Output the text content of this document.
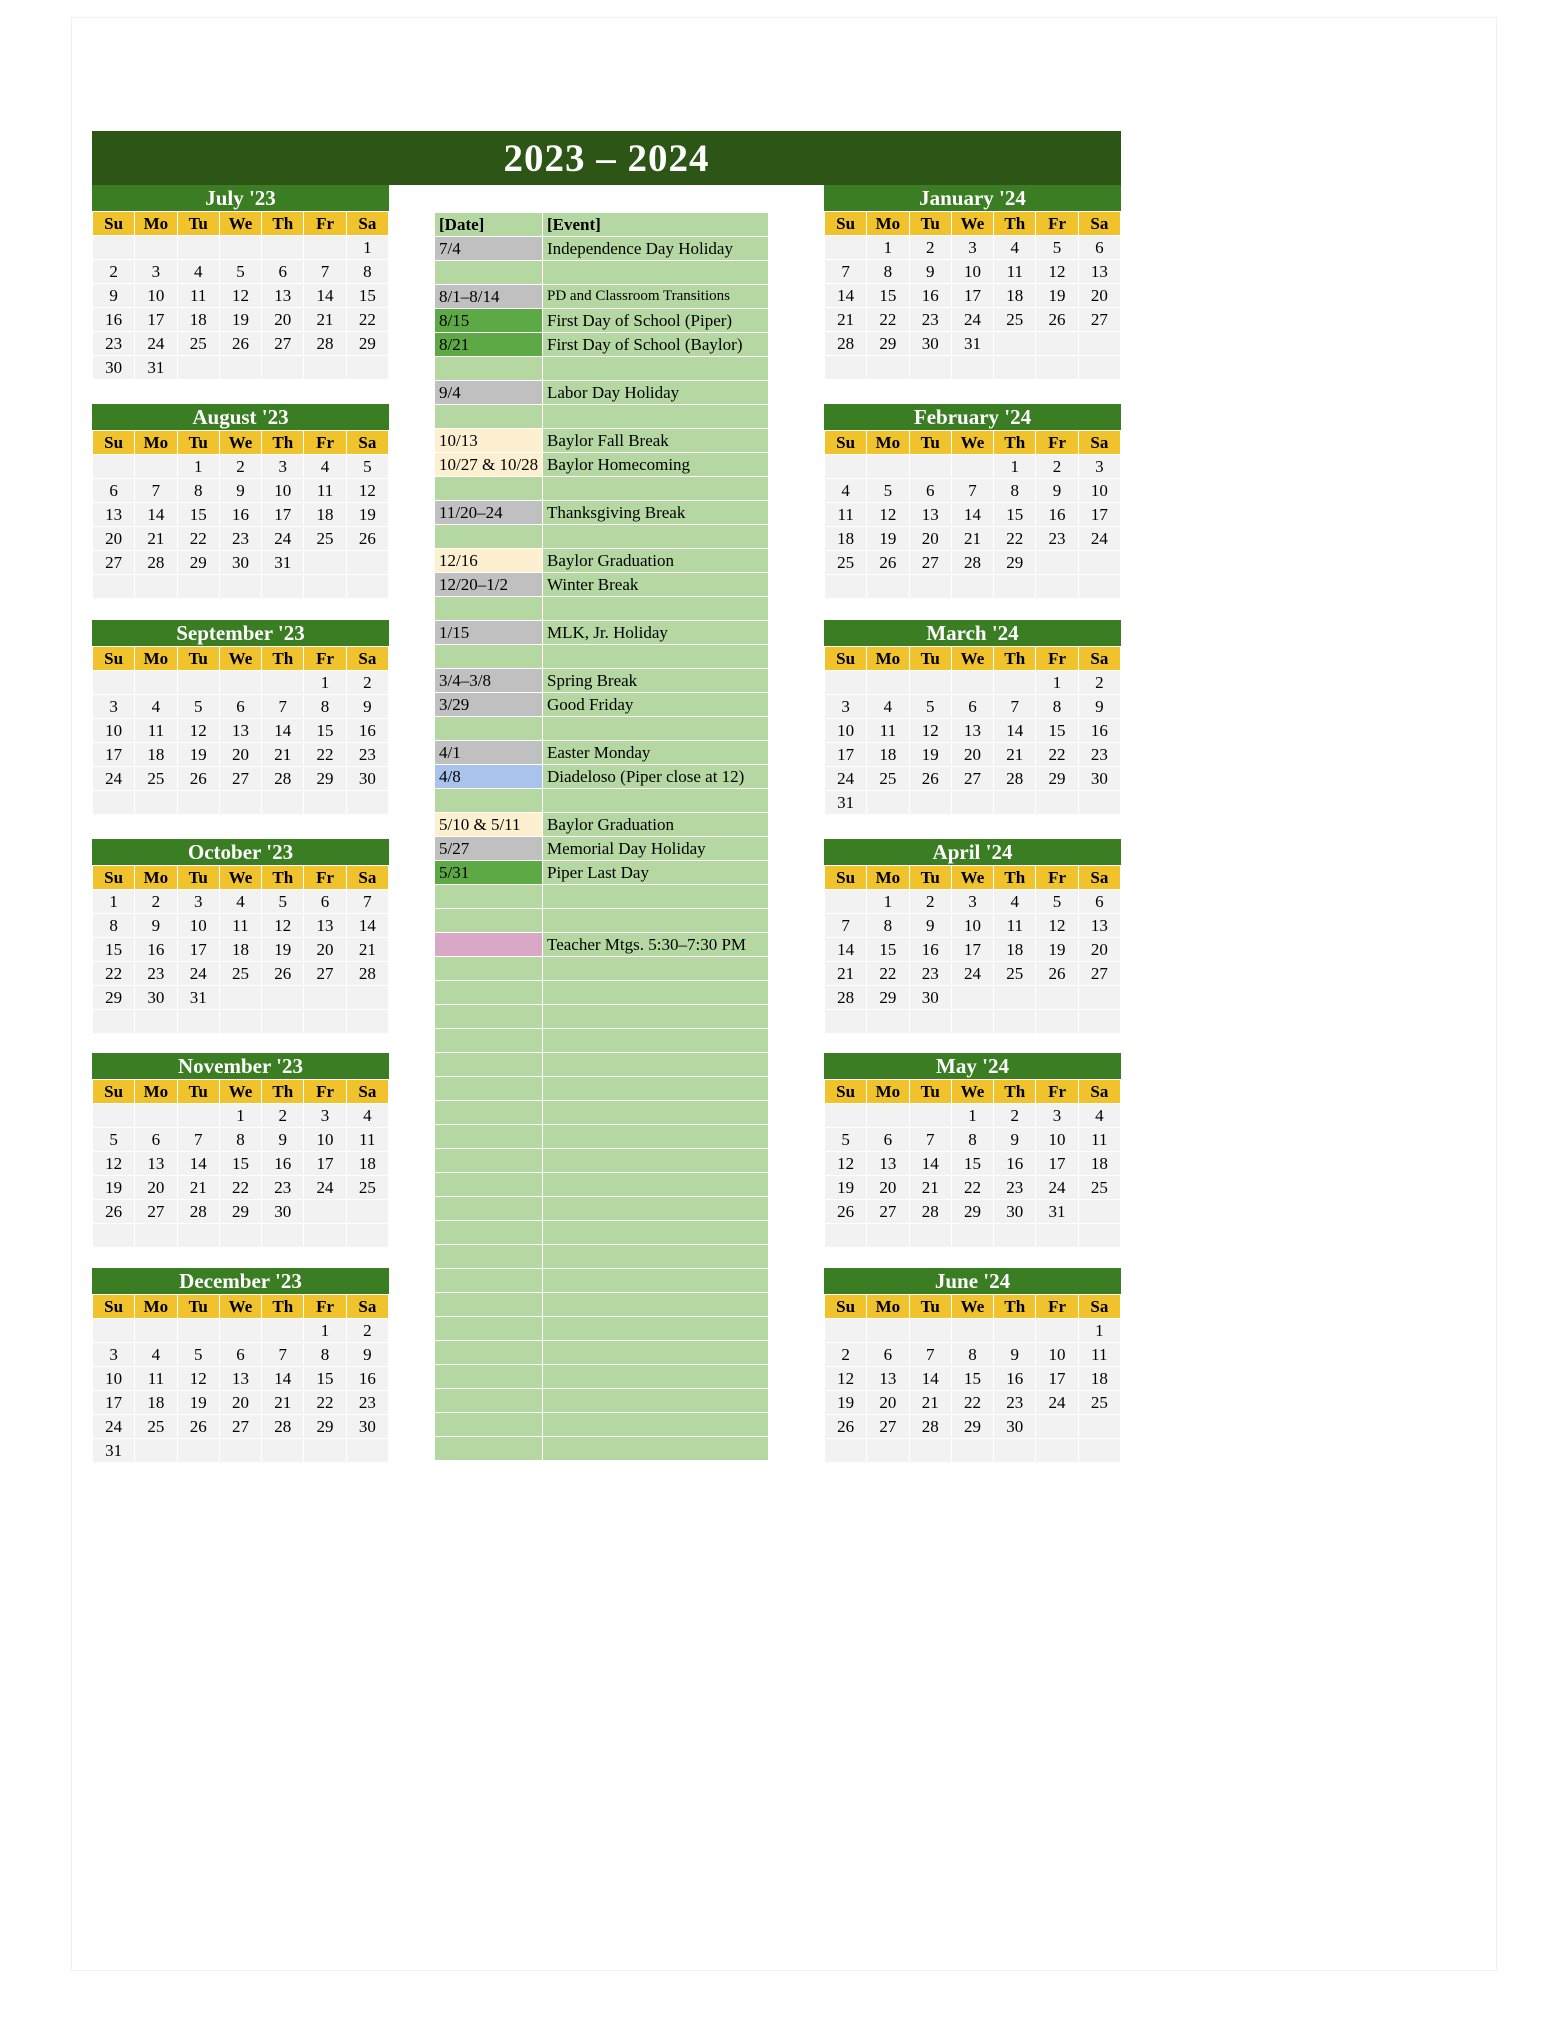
2023 – 2024
July '23
Su	Mo	Tu	We	Th	Fr	Sa
						1
2	3	4	5	6	7	8
9	10	11	12	13	14	15
16	17	18	19	20	21	22
23	24	25	26	27	28	29
30	31					
August '23
Su	Mo	Tu	We	Th	Fr	Sa
		1	2	3	4	5
6	7	8	9	10	11	12
13	14	15	16	17	18	19
20	21	22	23	24	25	26
27	28	29	30	31		

September '23
Su	Mo	Tu	We	Th	Fr	Sa
					1	2
3	4	5	6	7	8	9
10	11	12	13	14	15	16
17	18	19	20	21	22	23
24	25	26	27	28	29	30

October '23
Su	Mo	Tu	We	Th	Fr	Sa
1	2	3	4	5	6	7
8	9	10	11	12	13	14
15	16	17	18	19	20	21
22	23	24	25	26	27	28
29	30	31				

November '23
Su	Mo	Tu	We	Th	Fr	Sa
			1	2	3	4
5	6	7	8	9	10	11
12	13	14	15	16	17	18
19	20	21	22	23	24	25
26	27	28	29	30		

December '23
Su	Mo	Tu	We	Th	Fr	Sa
					1	2
3	4	5	6	7	8	9
10	11	12	13	14	15	16
17	18	19	20	21	22	23
24	25	26	27	28	29	30
31						
January '24
Su	Mo	Tu	We	Th	Fr	Sa
	1	2	3	4	5	6
7	8	9	10	11	12	13
14	15	16	17	18	19	20
21	22	23	24	25	26	27
28	29	30	31			

February '24
Su	Mo	Tu	We	Th	Fr	Sa
				1	2	3
4	5	6	7	8	9	10
11	12	13	14	15	16	17
18	19	20	21	22	23	24
25	26	27	28	29		

March '24
Su	Mo	Tu	We	Th	Fr	Sa
					1	2
3	4	5	6	7	8	9
10	11	12	13	14	15	16
17	18	19	20	21	22	23
24	25	26	27	28	29	30
31						
April '24
Su	Mo	Tu	We	Th	Fr	Sa
	1	2	3	4	5	6
7	8	9	10	11	12	13
14	15	16	17	18	19	20
21	22	23	24	25	26	27
28	29	30				

May '24
Su	Mo	Tu	We	Th	Fr	Sa
			1	2	3	4
5	6	7	8	9	10	11
12	13	14	15	16	17	18
19	20	21	22	23	24	25
26	27	28	29	30	31	

June '24
Su	Mo	Tu	We	Th	Fr	Sa
						1
2	6	7	8	9	10	11
12	13	14	15	16	17	18
19	20	21	22	23	24	25
26	27	28	29	30		

[Date]	[Event]
7/4	Independence Day Holiday

8/1–8/14	PD and Classroom Transitions
8/15	First Day of School (Piper)
8/21	First Day of School (Baylor)

9/4	Labor Day Holiday

10/13	Baylor Fall Break
10/27 & 10/28	Baylor Homecoming

11/20–24	Thanksgiving Break

12/16	Baylor Graduation
12/20–1/2	Winter Break

1/15	MLK, Jr. Holiday

3/4–3/8	Spring Break
3/29	Good Friday

4/1	Easter Monday
4/8	Diadeloso (Piper close at 12)

5/10 & 5/11	Baylor Graduation
5/27	Memorial Day Holiday
5/31	Piper Last Day

	Teacher Mtgs. 5:30–7:30 PM
